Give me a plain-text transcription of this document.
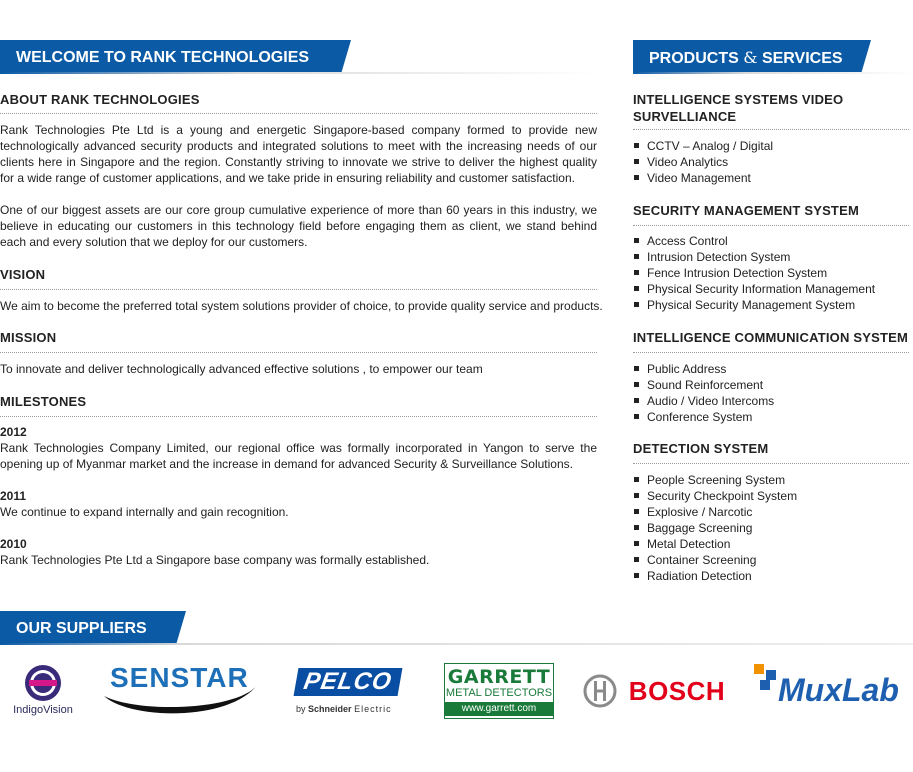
WELCOME TO RANK TECHNOLOGIES
ABOUT RANK TECHNOLOGIES

Rank Technologies Pte Ltd is a young and energetic Singapore-based company formed to provide new technologically advanced security products and integrated solutions to meet with the increasing needs of our clients here in Singapore and the region. Constantly striving to innovate we strive to deliver the highest quality for a wide range of customer applications, and we take pride in ensuring reliability and customer satisfaction.

One of our biggest assets are our core group cumulative experience of more than 60 years in this industry, we believe in educating our customers in this technology field before engaging them as client, we stand behind each and every solution that we deploy for our customers.

VISION

We aim to become the preferred total system solutions provider of choice, to provide quality service and products.

MISSION

To innovate and deliver technologically advanced effective solutions , to empower our team

MILESTONES
2012

Rank Technologies Company Limited, our regional office was formally incorporated in Yangon to serve the opening up of Myanmar market and the increase in demand for advanced Security & Surveillance Solutions.

2011

We continue to expand internally and gain recognition.

2010

Rank Technologies Pte Ltd a Singapore base company was formally established.

PRODUCTS & SERVICES
INTELLIGENCE SYSTEMS VIDEO SURVELLIANCE
CCTV – Analog / Digital
Video Analytics
Video Management
SECURITY MANAGEMENT SYSTEM
Access Control
Intrusion Detection System
Fence Intrusion Detection System
Physical Security Information Management
Physical Security Management System
INTELLIGENCE COMMUNICATION SYSTEM
Public Address
Sound Reinforcement
Audio / Video Intercoms
Conference System
DETECTION SYSTEM
People Screening System
Security Checkpoint System
Explosive / Narcotic
Baggage Screening
Metal Detection
Container Screening
Radiation Detection
OUR SUPPLIERS
IndigoVision
SENSTAR	PELCO
by Schneider Electric
GARRETT
METAL DETECTORS
www.garrett.com
BOSCH MuxLab
